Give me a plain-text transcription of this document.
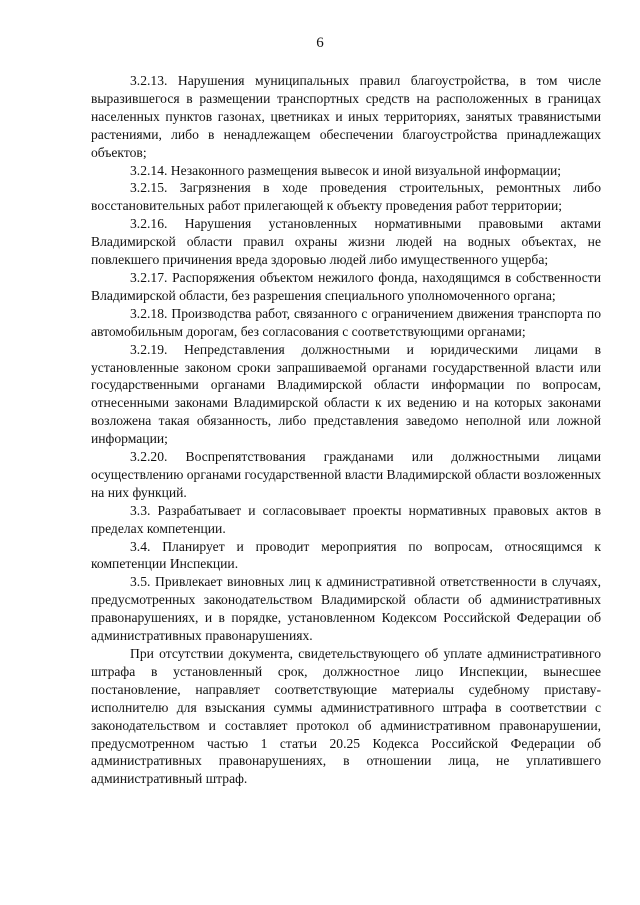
6

3.2.13. Нарушения муниципальных правил благоустройства, в том числе выразившегося в размещении транспортных средств на расположенных в границах населенных пунктов газонах, цветниках и иных территориях, занятых травянистыми растениями, либо в ненадлежащем обеспечении благоустройства принадлежащих объектов;

3.2.14. Незаконного размещения вывесок и иной визуальной информации;

3.2.15. Загрязнения в ходе проведения строительных, ремонтных либо восстановительных работ прилегающей к объекту проведения работ территории;

3.2.16. Нарушения установленных нормативными правовыми актами Владимирской области правил охраны жизни людей на водных объектах, не повлекшего причинения вреда здоровью людей либо имущественного ущерба;

3.2.17. Распоряжения объектом нежилого фонда, находящимся в собственности Владимирской области, без разрешения специального уполномоченного органа;

3.2.18. Производства работ, связанного с ограничением движения транспорта по автомобильным дорогам, без согласования с соответствующими органами;

3.2.19. Непредставления должностными и юридическими лицами в установленные законом сроки запрашиваемой органами государственной власти или государственными органами Владимирской области информации по вопросам, отнесенными законами Владимирской области к их ведению и на которых законами возложена такая обязанность, либо представления заведомо неполной или ложной информации;

3.2.20. Воспрепятствования гражданами или должностными лицами осуществлению органами государственной власти Владимирской области возложенных на них функций.

3.3. Разрабатывает и согласовывает проекты нормативных правовых актов в пределах компетенции.

3.4. Планирует и проводит мероприятия по вопросам, относящимся к компетенции Инспекции.

3.5. Привлекает виновных лиц к административной ответственности в случаях, предусмотренных законодательством Владимирской области об административных правонарушениях, и в порядке, установленном Кодексом Российской Федерации об административных правонарушениях.

При отсутствии документа, свидетельствующего об уплате административного штрафа в установленный срок, должностное лицо Инспекции, вынесшее постановление, направляет соответствующие материалы судебному приставу-исполнителю для взыскания суммы административного штрафа в соответствии с законодательством и составляет протокол об административном правонарушении, предусмотренном частью 1 статьи 20.25 Кодекса Российской Федерации об административных правонарушениях, в отношении лица, не уплатившего административный штраф.
